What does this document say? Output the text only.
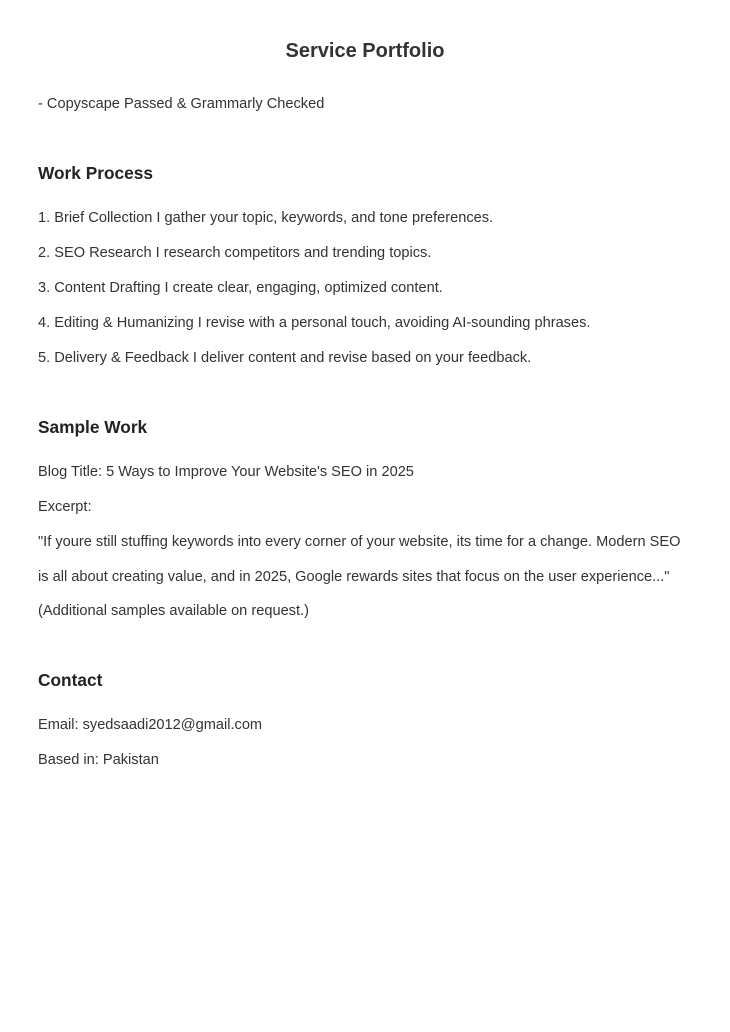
Service Portfolio

- Copyscape Passed & Grammarly Checked

Work Process

1. Brief Collection I gather your topic, keywords, and tone preferences.

2. SEO Research I research competitors and trending topics.

3. Content Drafting I create clear, engaging, optimized content.

4. Editing & Humanizing I revise with a personal touch, avoiding AI-sounding phrases.

5. Delivery & Feedback I deliver content and revise based on your feedback.

Sample Work

Blog Title: 5 Ways to Improve Your Website's SEO in 2025

Excerpt:

"If youre still stuffing keywords into every corner of your website, its time for a change. Modern SEO

is all about creating value, and in 2025, Google rewards sites that focus on the user experience..."

(Additional samples available on request.)

Contact

Email: syedsaadi2012@gmail.com

Based in: Pakistan
